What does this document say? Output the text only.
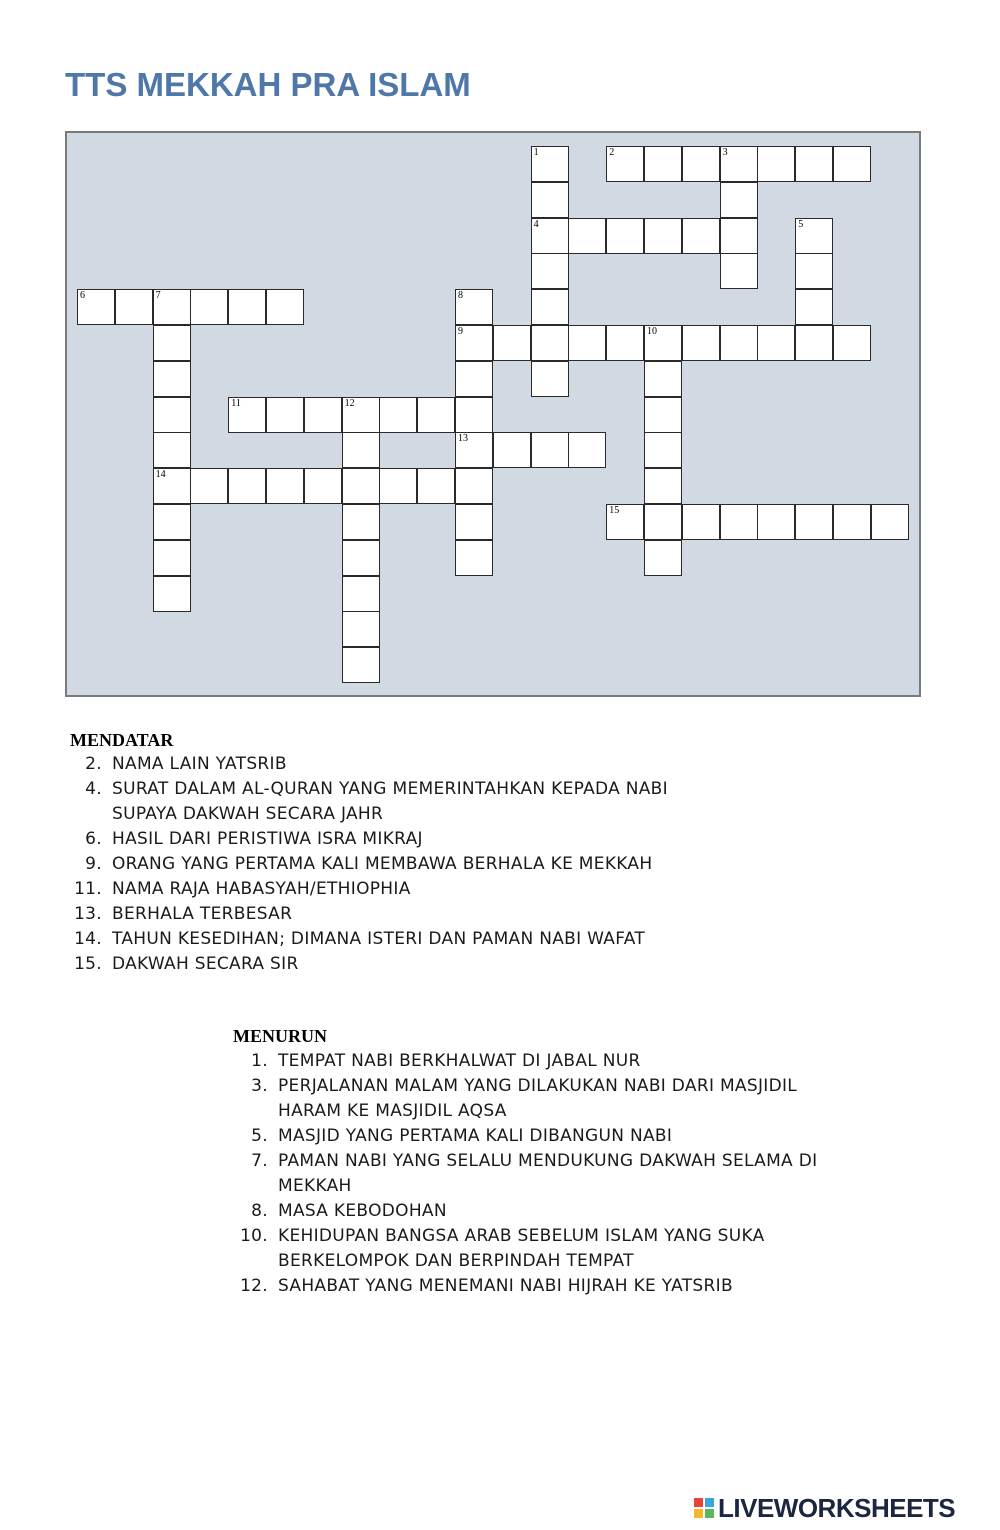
TTS MEKKAH PRA ISLAM
1
4
2	3
5
6	7
14
8
9
13
10
11	12
15
MENDATAR
2. NAMA LAIN YATSRIB
4. SURAT DALAM AL-QURAN YANG MEMERINTAHKAN KEPADA NABI
SUPAYA DAKWAH SECARA JAHR
6. HASIL DARI PERISTIWA ISRA MIKRAJ
9. ORANG YANG PERTAMA KALI MEMBAWA BERHALA KE MEKKAH
11. NAMA RAJA HABASYAH/ETHIOPHIA
13. BERHALA TERBESAR
14. TAHUN KESEDIHAN; DIMANA ISTERI DAN PAMAN NABI WAFAT
15. DAKWAH SECARA SIR
MENURUN
1. TEMPAT NABI BERKHALWAT DI JABAL NUR
3. PERJALANAN MALAM YANG DILAKUKAN NABI DARI MASJIDIL
HARAM KE MASJIDIL AQSA
5. MASJID YANG PERTAMA KALI DIBANGUN NABI
7. PAMAN NABI YANG SELALU MENDUKUNG DAKWAH SELAMA DI
MEKKAH
8. MASA KEBODOHAN
10. KEHIDUPAN BANGSA ARAB SEBELUM ISLAM YANG SUKA
BERKELOMPOK DAN BERPINDAH TEMPAT
12. SAHABAT YANG MENEMANI NABI HIJRAH KE YATSRIB
LIVEWORKSHEETS
